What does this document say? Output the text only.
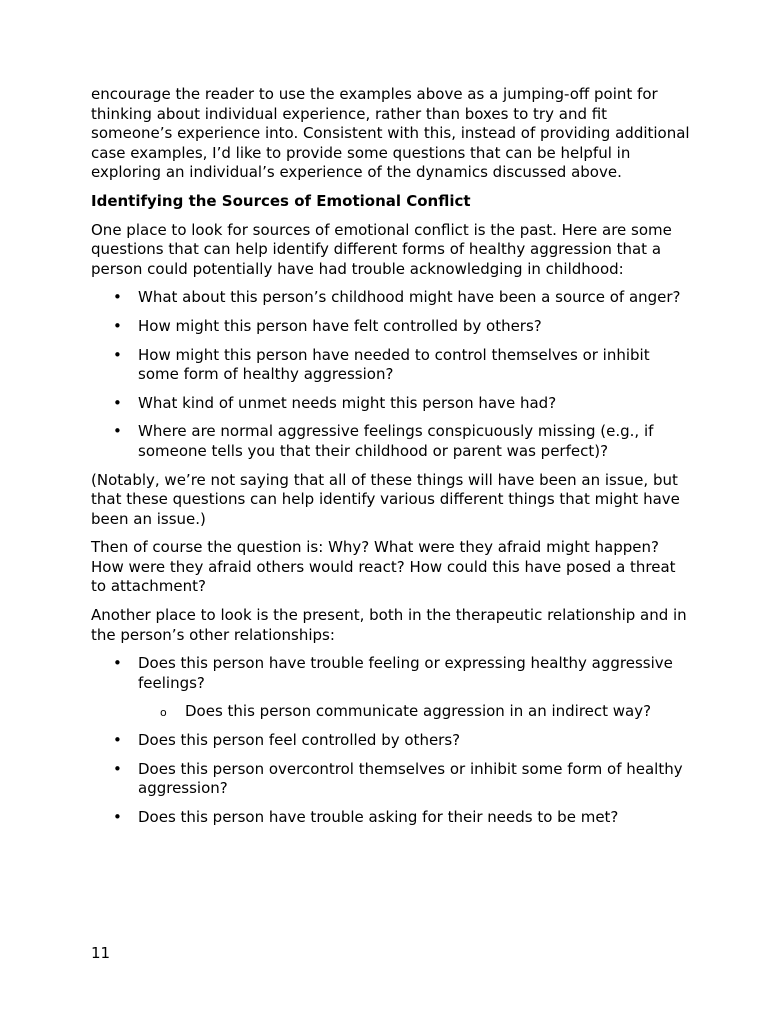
encourage the reader to use the examples above as a jumping-off point for thinking about individual experience, rather than boxes to try and fit someone’s experience into. Consistent with this, instead of providing additional case examples, I’d like to provide some questions that can be helpful in exploring an individual’s experience of the dynamics discussed above.

Identifying the Sources of Emotional Conflict

One place to look for sources of emotional conflict is the past. Here are some questions that can help identify different forms of healthy aggression that a person could potentially have had trouble acknowledging in childhood:

• What about this person’s childhood might have been a source of anger?
• How might this person have felt controlled by others?
• How might this person have needed to control themselves or inhibit some form of healthy aggression?
• What kind of unmet needs might this person have had?
• Where are normal aggressive feelings conspicuously missing (e.g., if someone tells you that their childhood or parent was perfect)?

(Notably, we’re not saying that all of these things will have been an issue, but that these questions can help identify various different things that might have been an issue.)

Then of course the question is: Why? What were they afraid might happen? How were they afraid others would react? How could this have posed a threat to attachment?

Another place to look is the present, both in the therapeutic relationship and in the person’s other relationships:

• Does this person have trouble feeling or expressing healthy aggressive feelings?
o Does this person communicate aggression in an indirect way?
• Does this person feel controlled by others?
• Does this person overcontrol themselves or inhibit some form of healthy aggression?
• Does this person have trouble asking for their needs to be met?
11
